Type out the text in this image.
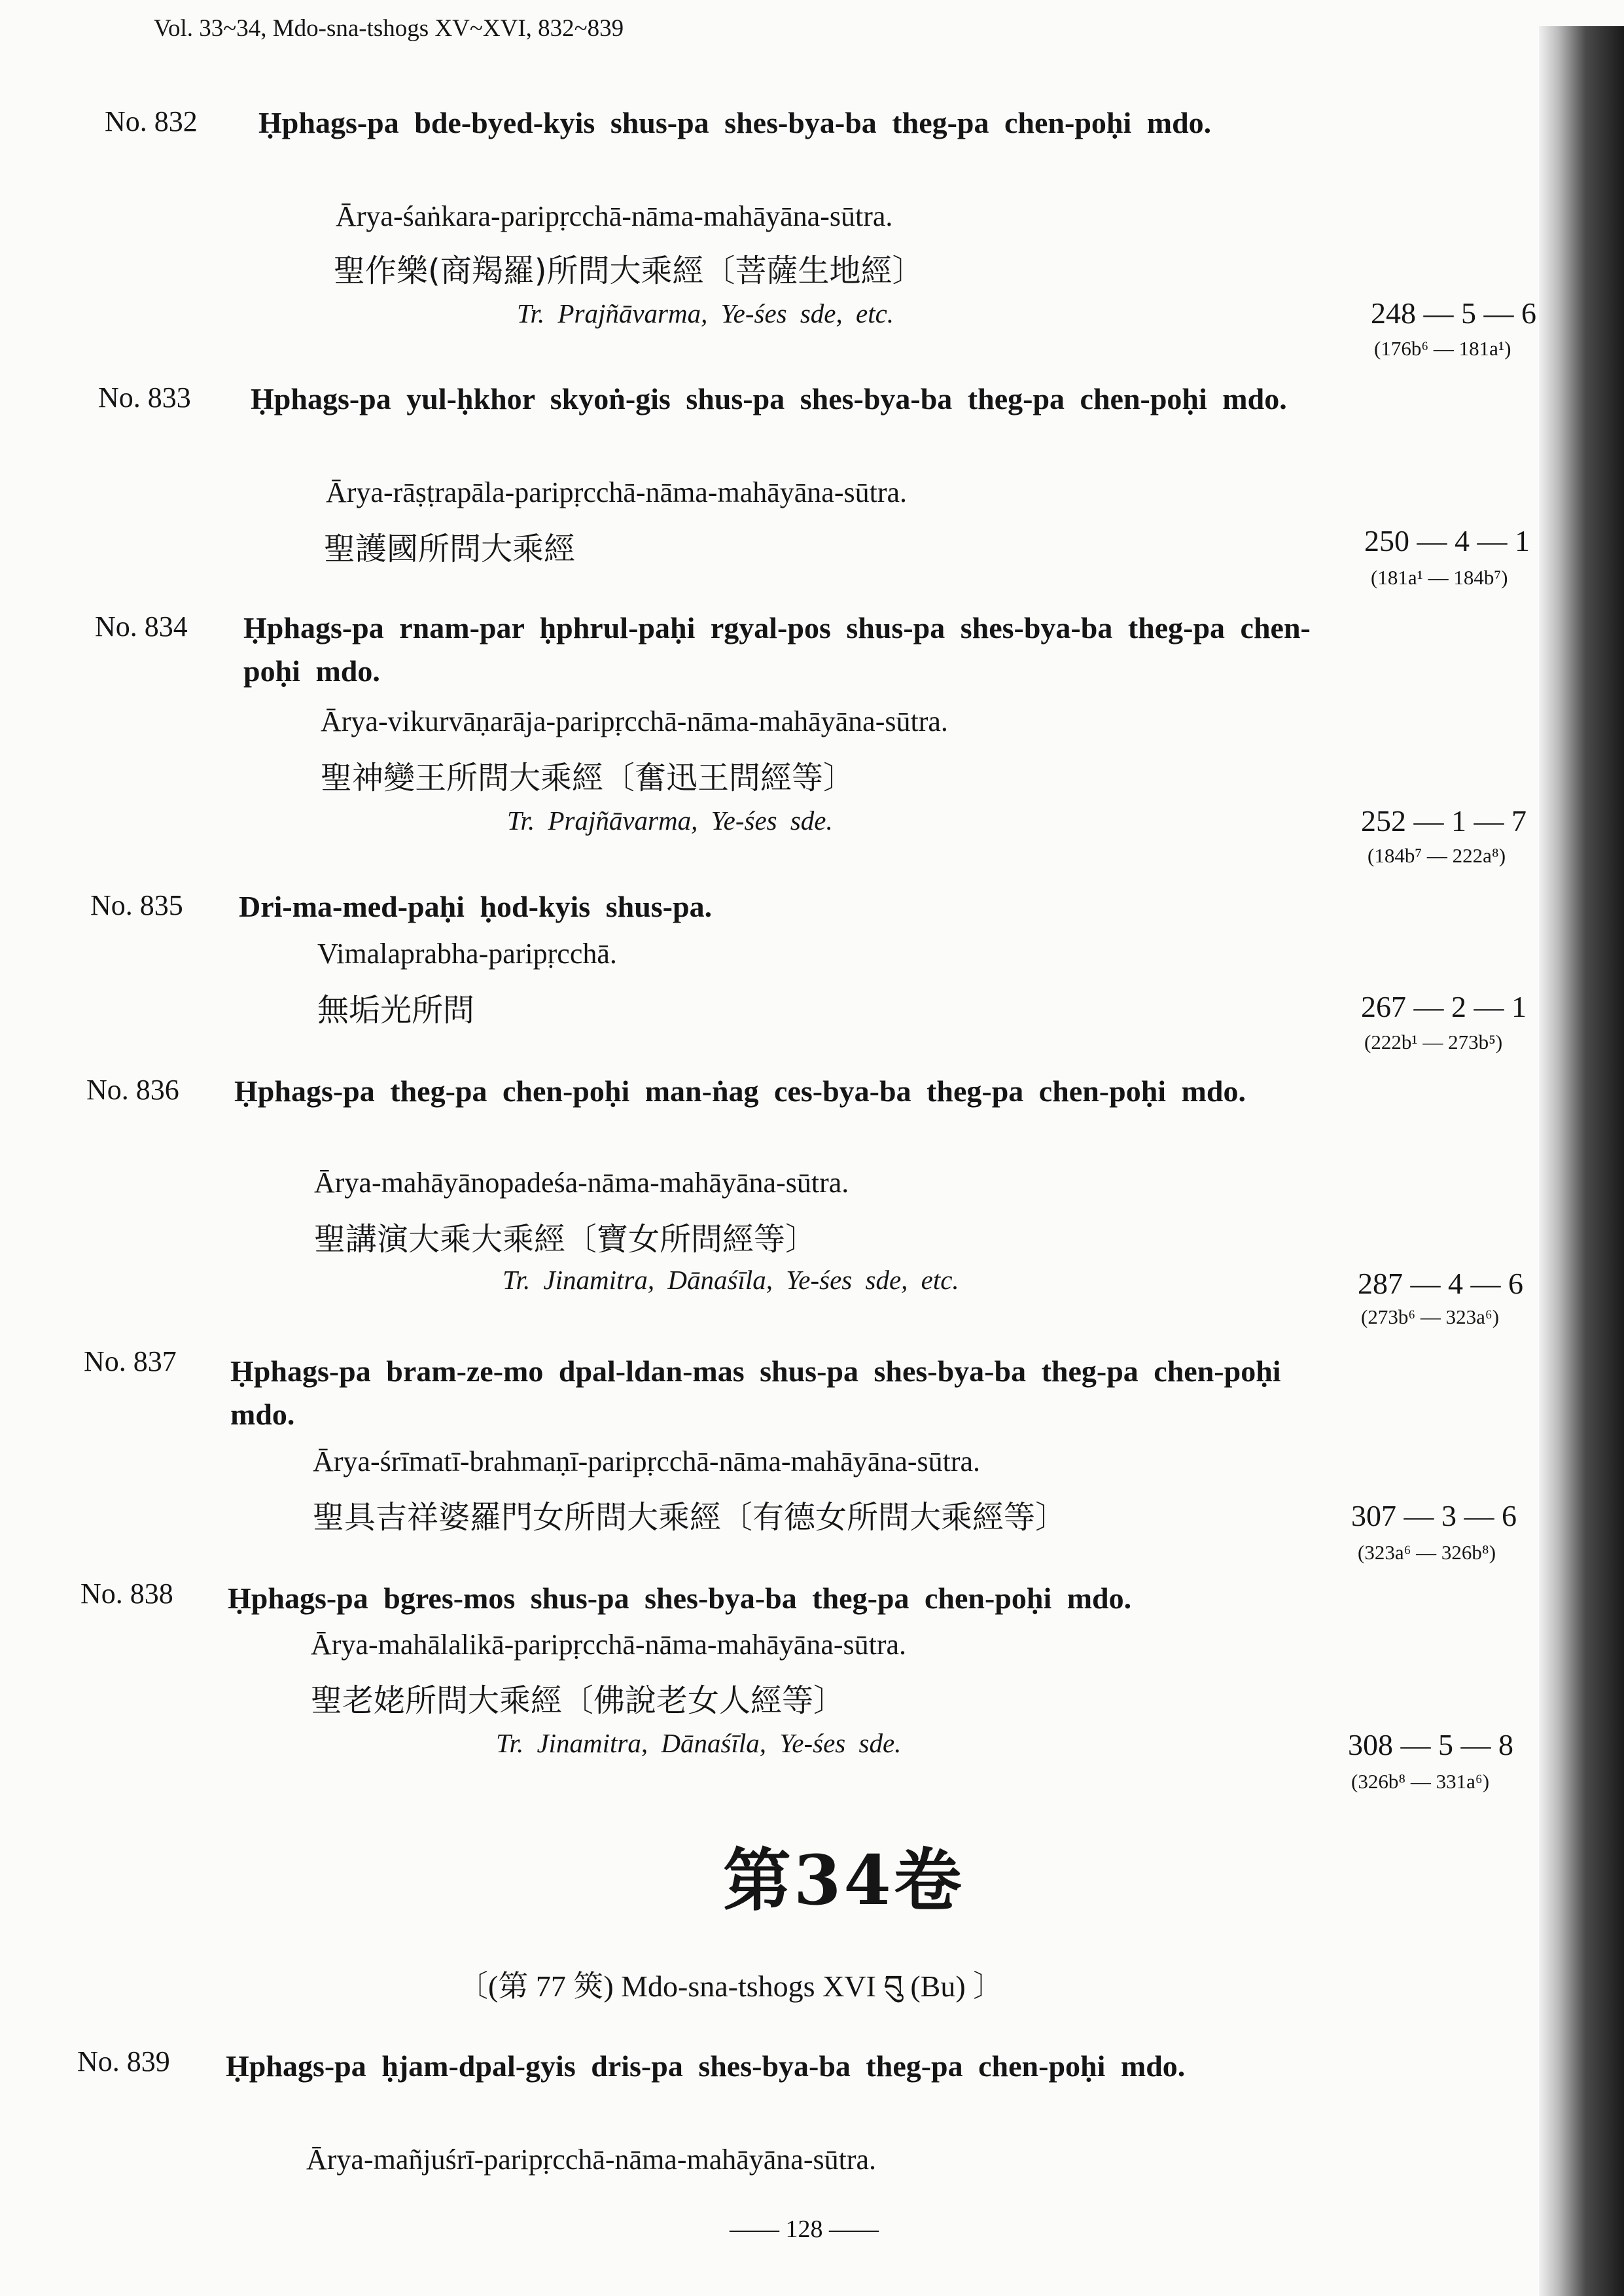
Vol. 33~34, Mdo-sna-tshogs XV~XVI, 832~839
No. 832 Ḥphags-pa bde-byed-kyis shus-pa shes-bya-ba theg-pa chen-poḥi mdo.
Ārya-śaṅkara-paripṛcchā-nāma-mahāyāna-sūtra.
聖作樂(商羯羅)所問大乘經〔菩薩生地經〕
Tr. Prajñāvarma, Ye-śes sde, etc.	248 — 5 — 6
(176b⁶ — 181a¹)
No. 833	Ḥphags-pa yul-ḥkhor skyoṅ-gis shus-pa shes-bya-ba theg-pa chen-poḥi mdo.
Ārya-rāṣṭrapāla-paripṛcchā-nāma-mahāyāna-sūtra.
聖護國所問大乘經	250 — 4 — 1
(181a¹ — 184b⁷)
No. 834 Ḥphags-pa rnam-par ḥphrul-paḥi rgyal-pos shus-pa shes-bya-ba theg-pa chen-poḥi mdo.
Ārya-vikurvāṇarāja-paripṛcchā-nāma-mahāyāna-sūtra.
聖神變王所問大乘經〔奮迅王問經等〕
Tr. Prajñāvarma, Ye-śes sde.	252 — 1 — 7
(184b⁷ — 222a⁸)
No. 835 Dri-ma-med-paḥi ḥod-kyis shus-pa.
Vimalaprabha-paripṛcchā.
無垢光所問	267 — 2 — 1
(222b¹ — 273b⁵)
No. 836 Ḥphags-pa theg-pa chen-poḥi man-ṅag ces-bya-ba theg-pa chen-poḥi mdo.
Ārya-mahāyānopadeśa-nāma-mahāyāna-sūtra.
聖講演大乘大乘經〔寶女所問經等〕
Tr. Jinamitra, Dānaśīla, Ye-śes sde, etc.	287 — 4 — 6
(273b⁶ — 323a⁶)
No. 837 Ḥphags-pa bram-ze-mo dpal-ldan-mas shus-pa shes-bya-ba theg-pa chen-poḥi mdo.
Ārya-śrīmatī-brahmaṇī-paripṛcchā-nāma-mahāyāna-sūtra.
聖具吉祥婆羅門女所問大乘經〔有德女所問大乘經等〕	307 — 3 — 6
(323a⁶ — 326b⁸)
No. 838 Ḥphags-pa bgres-mos shus-pa shes-bya-ba theg-pa chen-poḥi mdo.
Ārya-mahālalikā-paripṛcchā-nāma-mahāyāna-sūtra.
聖老姥所問大乘經〔佛說老女人經等〕
Tr. Jinamitra, Dānaśīla, Ye-śes sde.	308 — 5 — 8
(326b⁸ — 331a⁶)
第34卷
〔(第 77 筴) Mdo-sna-tshogs XVI བུ (Bu) 〕
No. 839 Ḥphags-pa ḥjam-dpal-gyis dris-pa shes-bya-ba theg-pa chen-poḥi mdo.
Ārya-mañjuśrī-paripṛcchā-nāma-mahāyāna-sūtra.
—— 128 ——
